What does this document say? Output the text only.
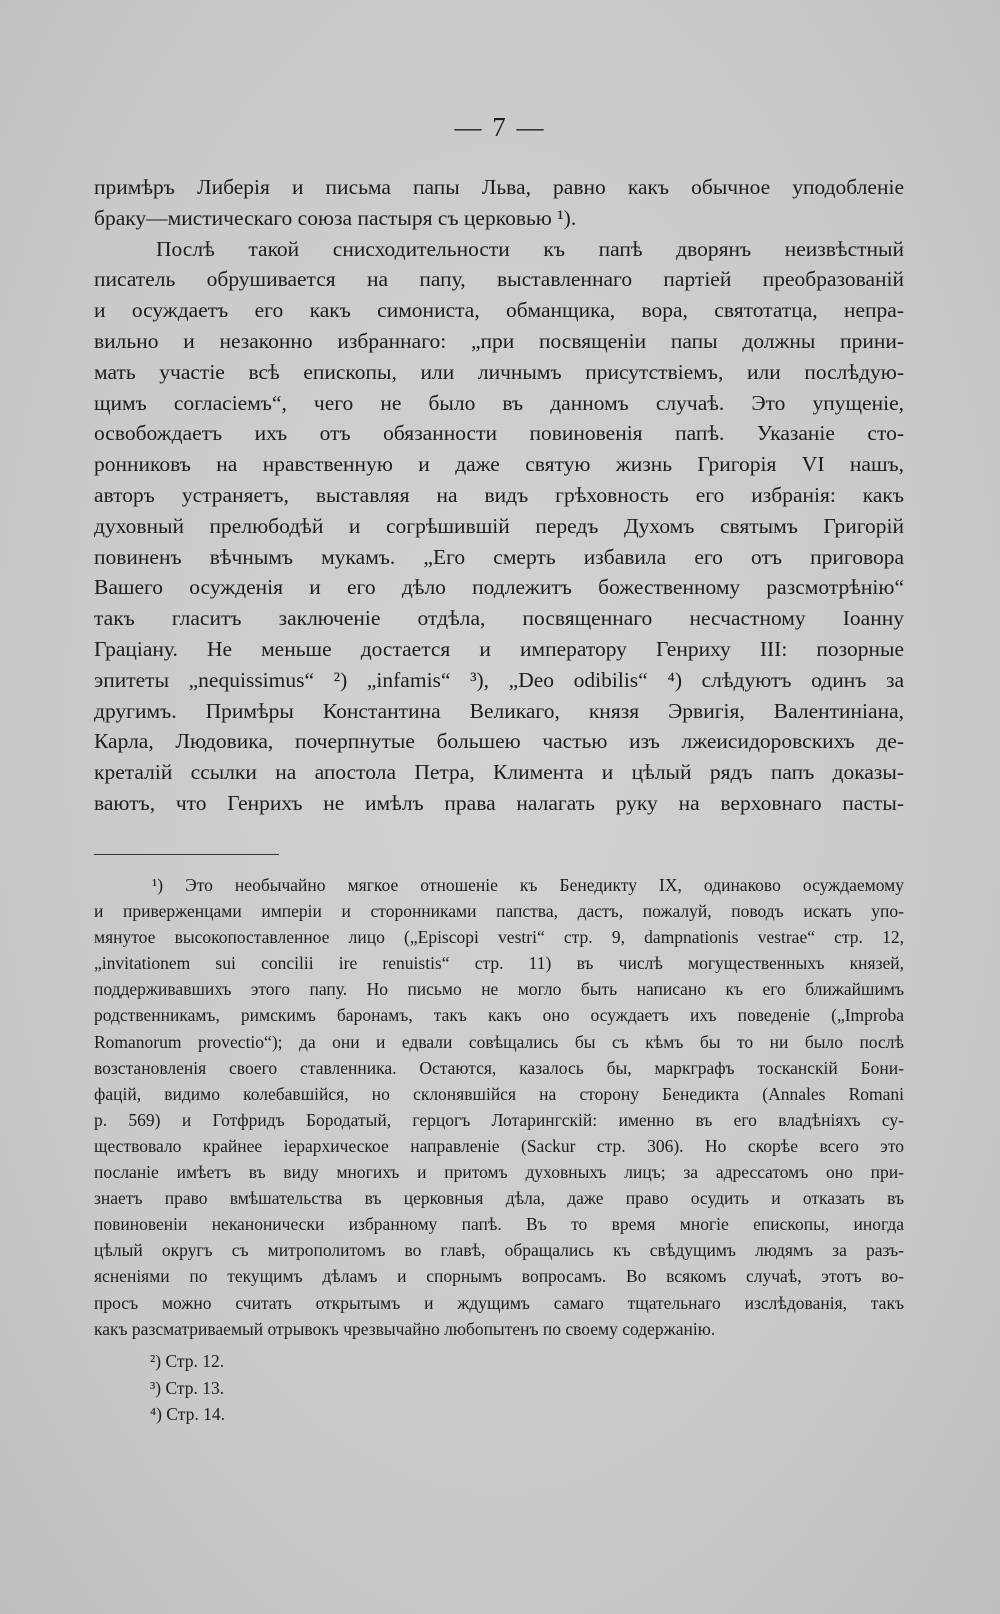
— 7 —
примѣръ Либерія и письма папы Льва, равно какъ обычное уподобленіе
браку—мистическаго союза пастыря съ церковью ¹).
Послѣ такой снисходительности къ папѣ дворянъ неизвѣстный
писатель обрушивается на папу, выставленнаго партіей преобразованій
и осуждаетъ его какъ симониста, обманщика, вора, святотатца, непра-
вильно и незаконно избраннаго: „при посвященіи папы должны прини-
мать участіе всѣ епископы, или личнымъ присутствіемъ, или послѣдую-
щимъ согласіемъ“, чего не было въ данномъ случаѣ. Это упущеніе,
освобождаетъ ихъ отъ обязанности повиновенія папѣ. Указаніе сто-
ронниковъ на нравственную и даже святую жизнь Григорія VI нашъ,
авторъ устраняетъ, выставляя на видъ грѣховность его избранія: какъ
духовный прелюбодѣй и согрѣшившій передъ Духомъ святымъ Григорій
повиненъ вѣчнымъ мукамъ. „Его смерть избавила его отъ приговора
Вашего осужденія и его дѣло подлежитъ божественному разсмотрѣнію“
такъ гласитъ заключеніе отдѣла, посвященнаго несчастному Іоанну
Граціану. Не меньше достается и императору Генриху III: позорные
эпитеты „nequissimus“ ²) „infamis“ ³), „Deo odibilis“ ⁴) слѣдуютъ одинъ за
другимъ. Примѣры Константина Великаго, князя Эрвигія, Валентиніана,
Карла, Людовика, почерпнутые большею частью изъ лжеисидоровскихъ де-
креталій ссылки на апостола Петра, Климента и цѣлый рядъ папъ доказы-
ваютъ, что Генрихъ не имѣлъ права налагать руку на верховнаго пасты-
¹) Это необычайно мягкое отношеніе къ Бенедикту IX, одинаково осуждаемому
и приверженцами имперіи и сторонниками папства, дастъ, пожалуй, поводъ искать упо-
мянутое высокопоставленное лицо („Episcopi vestri“ стр. 9, dampnationis vestrae“ стр. 12,
„invitationem sui concilii ire renuistis“ стр. 11) въ числѣ могущественныхъ князей,
поддерживавшихъ этого папу. Но письмо не могло быть написано къ его ближайшимъ
родственникамъ, римскимъ баронамъ, такъ какъ оно осуждаетъ ихъ поведеніе („Improba
Romanorum provectio“); да они и едвали совѣщались бы съ кѣмъ бы то ни было послѣ
возстановленія своего ставленника. Остаются, казалось бы, маркграфъ тосканскій Бони-
фацій, видимо колебавшійся, но склонявшійся на сторону Бенедикта (Annales Romani
p. 569) и Готфридъ Бородатый, герцогъ Лотарингскій: именно въ его владѣніяхъ су-
ществовало крайнее іерархическое направленіе (Sackur стр. 306). Но скорѣе всего это
посланіе имѣетъ въ виду многихъ и притомъ духовныхъ лицъ; за адресcатомъ оно при-
знаетъ право вмѣшательства въ церковныя дѣла, даже право осудить и отказать въ
повиновеніи неканонически избранному папѣ. Въ то время многіе епископы, иногда
цѣлый округъ съ митрополитомъ во главѣ, обращались къ свѣдущимъ людямъ за разъ-
ясненіями по текущимъ дѣламъ и спорнымъ вопросамъ. Во всякомъ случаѣ, этотъ во-
просъ можно считать открытымъ и ждущимъ самаго тщательнаго изслѣдованія, такъ
какъ разсматриваемый отрывокъ чрезвычайно любопытенъ по своему содержанію.
²) Стр. 12.
³) Стр. 13.
⁴) Стр. 14.
